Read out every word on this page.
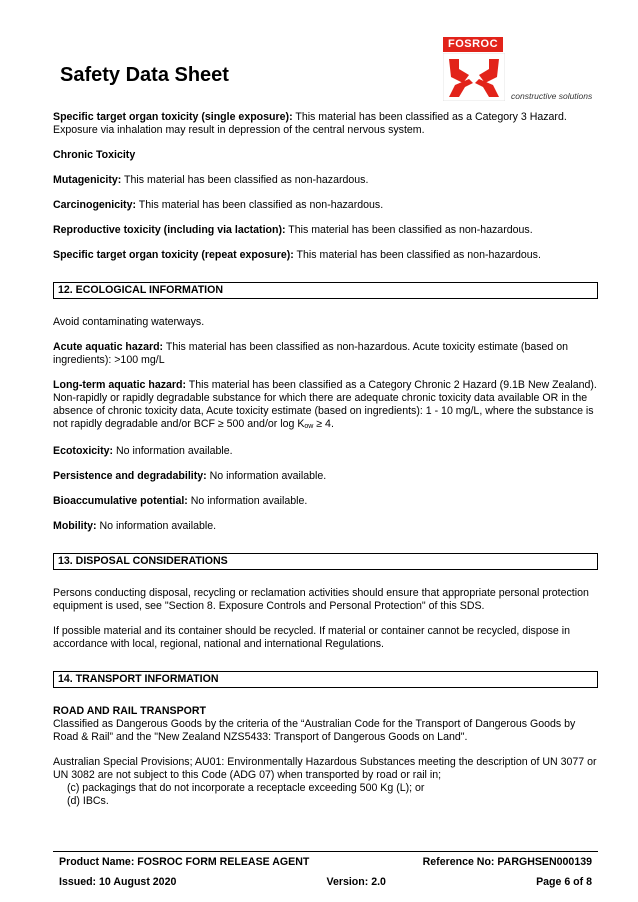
Safety Data Sheet
FOSROC
constructive solutions

Specific target organ toxicity (single exposure): This material has been classified as a Category 3 Hazard. Exposure via inhalation may result in depression of the central nervous system.

Chronic Toxicity

Mutagenicity: This material has been classified as non-hazardous.

Carcinogenicity: This material has been classified as non-hazardous.

Reproductive toxicity (including via lactation): This material has been classified as non-hazardous.

Specific target organ toxicity (repeat exposure): This material has been classified as non-hazardous.

12. ECOLOGICAL INFORMATION

Avoid contaminating waterways.

Acute aquatic hazard: This material has been classified as non-hazardous. Acute toxicity estimate (based on ingredients): >100 mg/L

Long-term aquatic hazard: This material has been classified as a Category Chronic 2 Hazard (9.1B New Zealand). Non-rapidly or rapidly degradable substance for which there are adequate chronic toxicity data available OR in the absence of chronic toxicity data, Acute toxicity estimate (based on ingredients): 1 - 10 mg/L, where the substance is not rapidly degradable and/or BCF ≥ 500 and/or log Kow ≥ 4.

Ecotoxicity: No information available.

Persistence and degradability: No information available.

Bioaccumulative potential: No information available.

Mobility: No information available.

13. DISPOSAL CONSIDERATIONS

Persons conducting disposal, recycling or reclamation activities should ensure that appropriate personal protection equipment is used, see "Section 8. Exposure Controls and Personal Protection" of this SDS.

If possible material and its container should be recycled. If material or container cannot be recycled, dispose in accordance with local, regional, national and international Regulations.

14. TRANSPORT INFORMATION
ROAD AND RAIL TRANSPORT
Classified as Dangerous Goods by the criteria of the “Australian Code for the Transport of Dangerous Goods by Road & Rail” and the "New Zealand NZS5433: Transport of Dangerous Goods on Land".

Australian Special Provisions; AU01: Environmentally Hazardous Substances meeting the description of UN 3077 or UN 3082 are not subject to this Code (ADG 07) when transported by road or rail in;

(c) packagings that do not incorporate a receptacle exceeding 500 Kg (L); or
(d) IBCs.
Product Name: FOSROC FORM RELEASE AGENT	Reference No: PARGHSEN000139
Issued: 10 August 2020	Version: 2.0	Page 6 of 8
